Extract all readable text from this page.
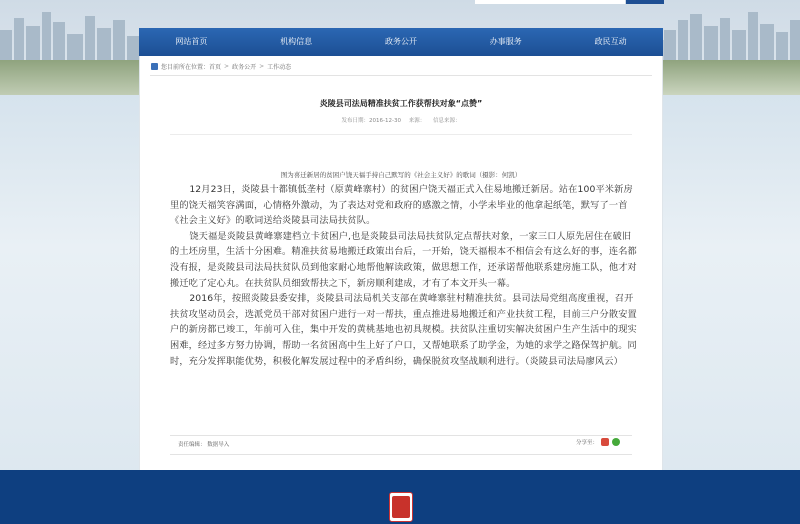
网站首页	机构信息	政务公开	办事服务	政民互动
您目前所在位置： 首页 > 政务公开 > 工作动态
炎陵县司法局精准扶贫工作获帮扶对象“点赞”
发布日期：2016-12-30 来源： 信息来源：
图为喜迁新居的贫困户饶天福手持自己默写的《社会主义好》的歌词（摄影：何凯）

12月23日，炎陵县十都镇低垄村（原黄峰寨村）的贫困户饶天福正式入住易地搬迁新居。站在100平米新房里的饶天福笑容满面，心情格外激动，为了表达对党和政府的感激之情，小学未毕业的他拿起纸笔，默写了一首《社会主义好》的歌词送给炎陵县司法局扶贫队。

饶天福是炎陵县黄峰寨建档立卡贫困户,也是炎陵县司法局扶贫队定点帮扶对象，一家三口人原先居住在破旧的土坯房里，生活十分困难。精准扶贫易地搬迁政策出台后，一开始，饶天福根本不相信会有这么好的事，连名都没有报，是炎陵县司法局扶贫队员到他家耐心地帮他解读政策，做思想工作，还承诺帮他联系建房施工队，他才对搬迁吃了定心丸。在扶贫队员细致帮扶之下，新房顺利建成，才有了本文开头一幕。

2016年，按照炎陵县委安排，炎陵县司法局机关支部在黄峰寨驻村精准扶贫。县司法局党组高度重视，召开扶贫攻坚动员会，选派党员干部对贫困户进行一对一帮扶，重点推进易地搬迁和产业扶贫工程，目前三户分散安置户的新房都已竣工，年前可入住，集中开发的黄桃基地也初具规模。扶贫队注重切实解决贫困户生产生活中的现实困难，经过多方努力协调，帮助一名贫困高中生上好了户口，又帮她联系了助学金，为她的求学之路保驾护航。同时，充分发挥职能优势，积极化解发展过程中的矛盾纠纷，确保脱贫攻坚战顺利进行。（炎陵县司法局廖风云）

责任编辑： 数据导入	分享至：
